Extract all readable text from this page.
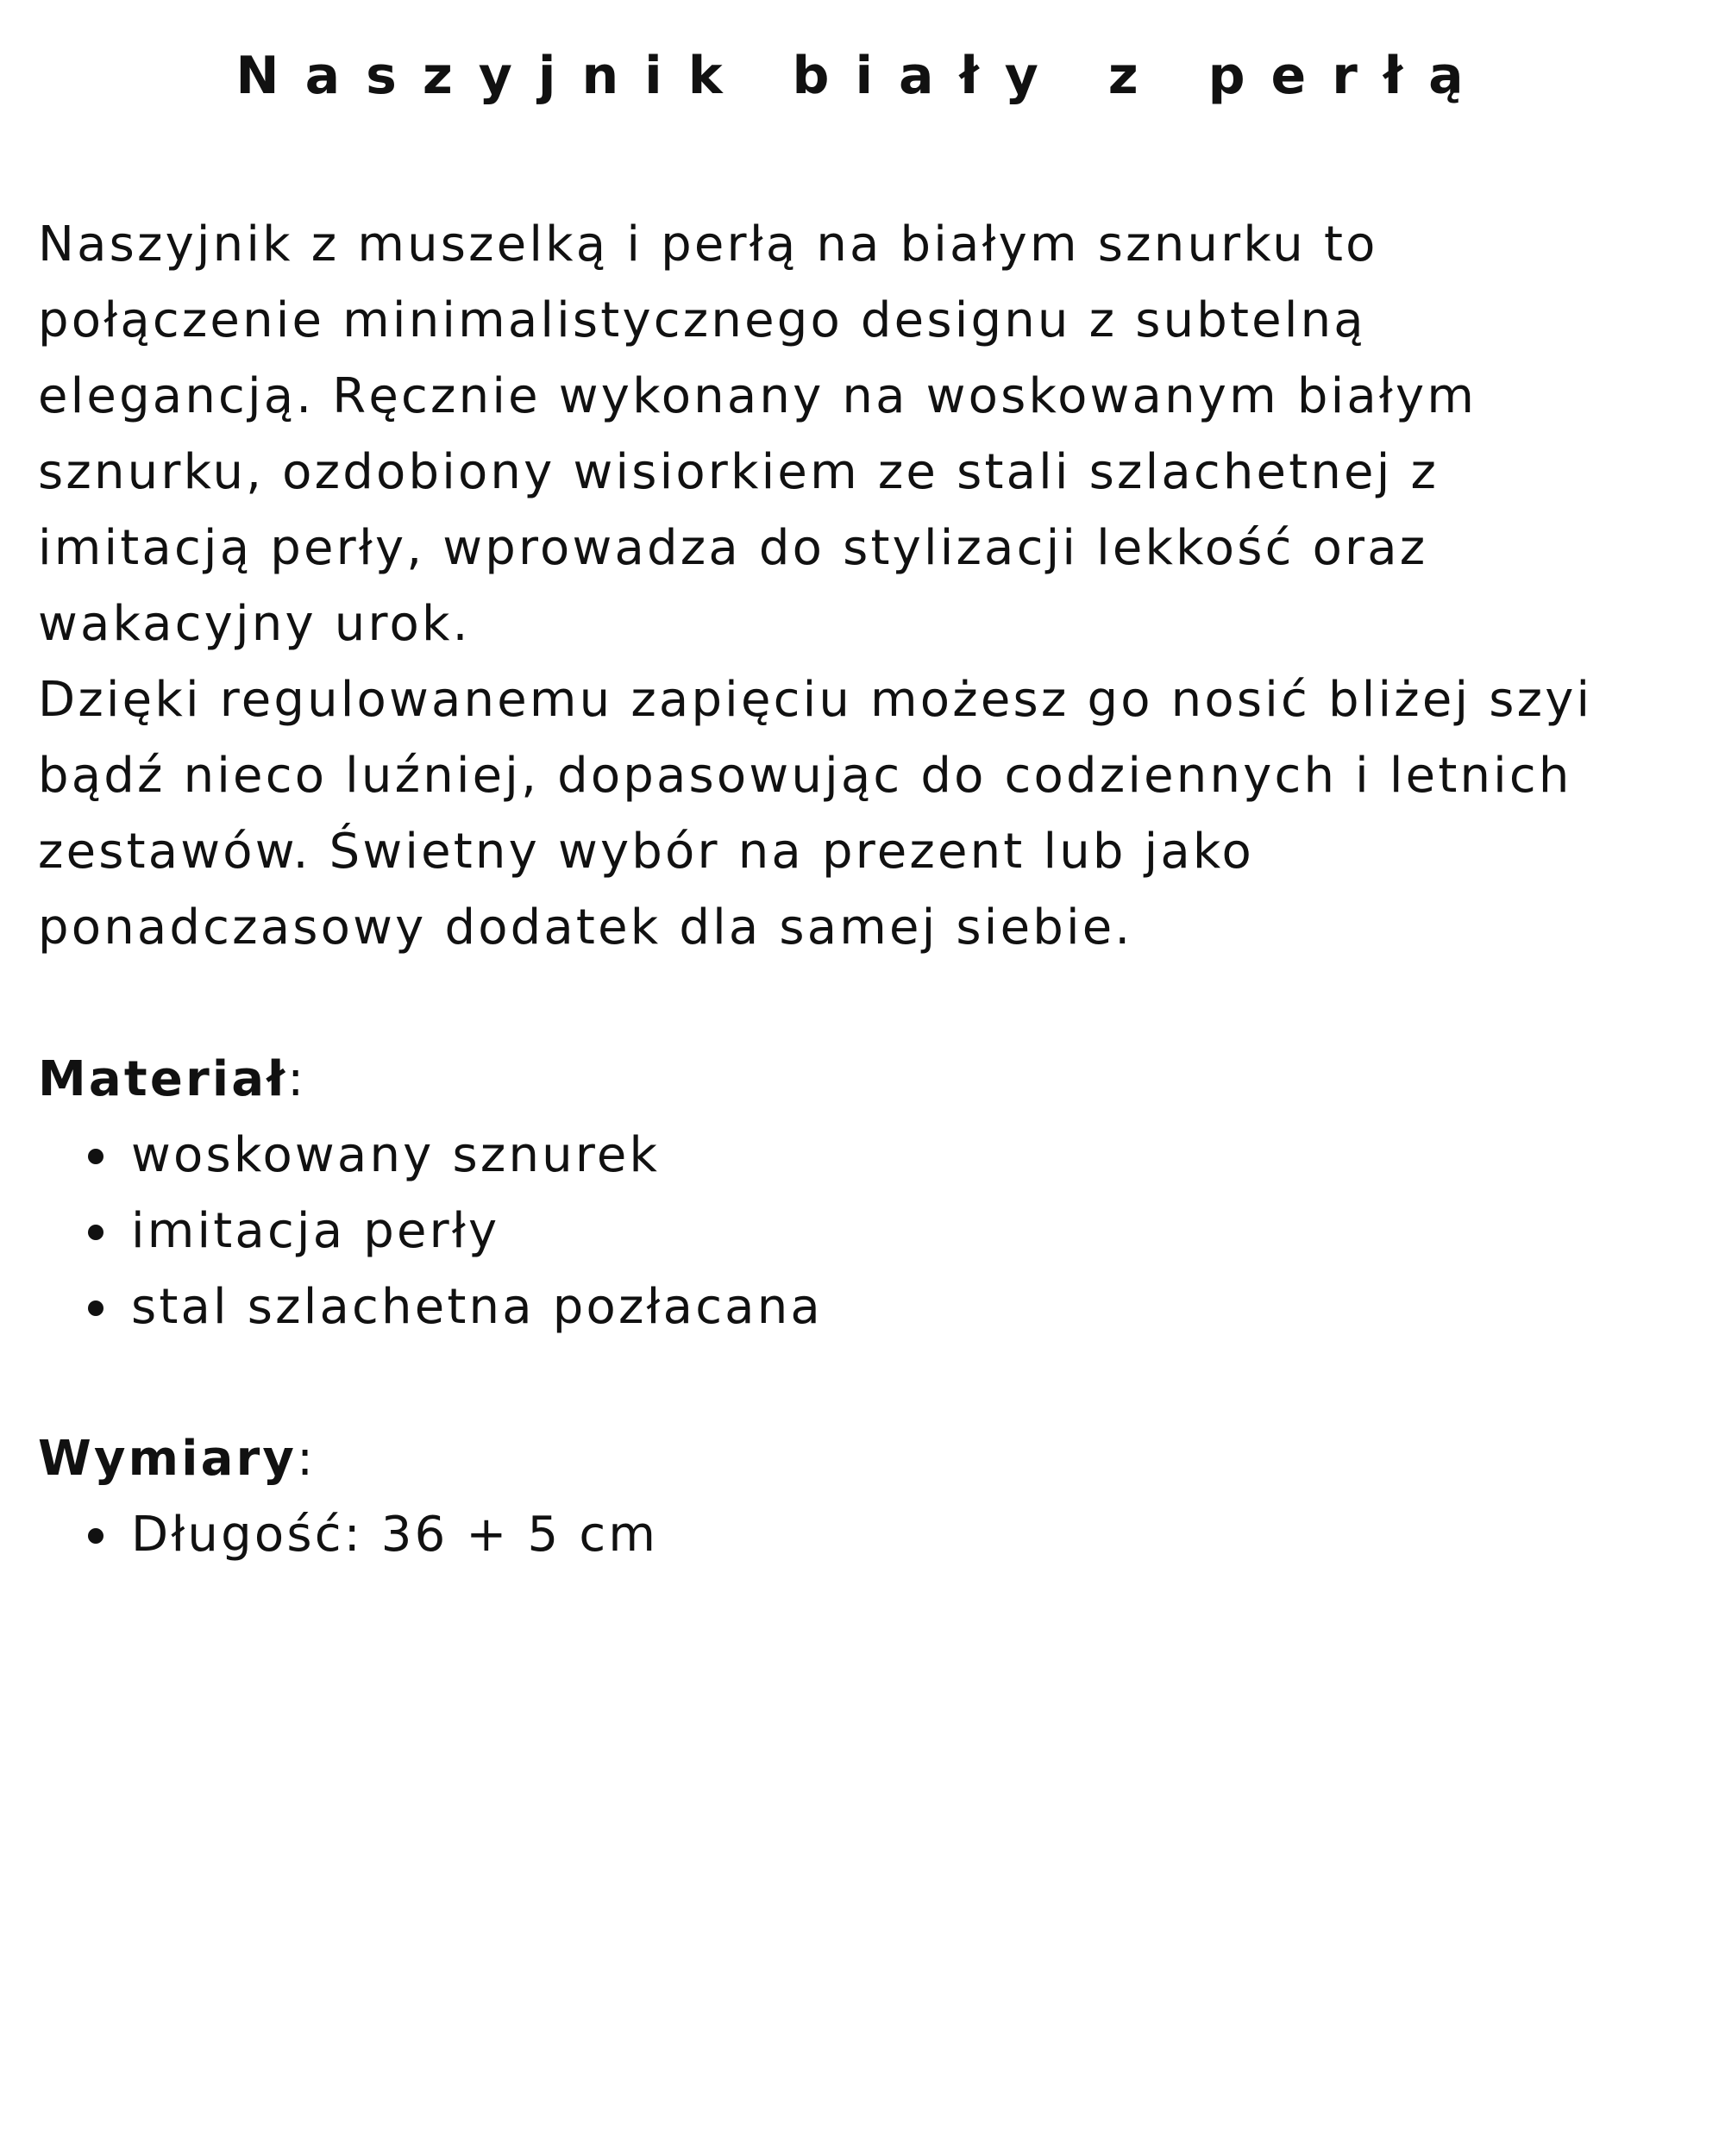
Naszyjnik biały z perłą

Naszyjnik z muszelką i perłą na białym sznurku to
połączenie minimalistycznego designu z subtelną
elegancją. Ręcznie wykonany na woskowanym białym
sznurku, ozdobiony wisiorkiem ze stali szlachetnej z
imitacją perły, wprowadza do stylizacji lekkość oraz
wakacyjny urok.

Dzięki regulowanemu zapięciu możesz go nosić bliżej szyi
bądź nieco luźniej, dopasowując do codziennych i letnich
zestawów. Świetny wybór na prezent lub jako
ponadczasowy dodatek dla samej siebie.

Materiał:

woskowany sznurek
imitacja perły
stal szlachetna pozłacana

Wymiary:

Długość: 36 + 5 cm
